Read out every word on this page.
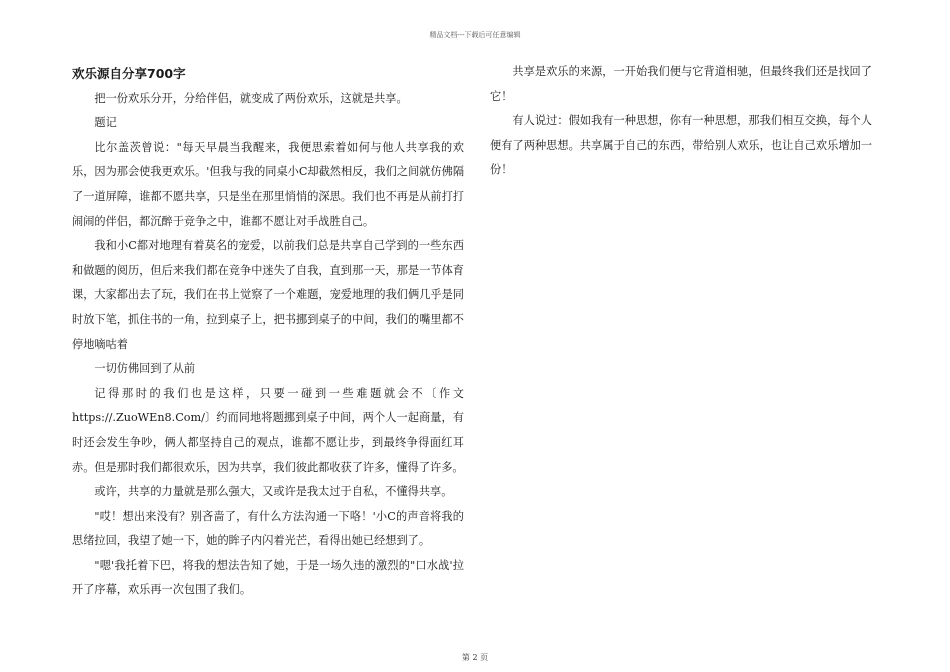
精品文档---下载后可任意编辑
欢乐源自分享700字

把一份欢乐分开，分给伴侣，就变成了两份欢乐，这就是共享。

题记

比尔盖茨曾说："每天早晨当我醒来，我便思索着如何与他人共享我的欢乐，因为那会使我更欢乐。'但我与我的同桌小C却截然相反，我们之间就仿佛隔了一道屏障，谁都不愿共享，只是坐在那里悄悄的深思。我们也不再是从前打打闹闹的伴侣，都沉醉于竞争之中，谁都不愿让对手战胜自己。

我和小C都对地理有着莫名的宠爱，以前我们总是共享自己学到的一些东西和做题的阅历，但后来我们都在竞争中迷失了自我，直到那一天，那是一节体育课，大家都出去了玩，我们在书上觉察了一个难题，宠爱地理的我们俩几乎是同时放下笔，抓住书的一角，拉到桌子上，把书挪到桌子的中间，我们的嘴里都不停地嘀咕着

一切仿佛回到了从前

记得那时的我们也是这样，只要一碰到一些难题就会不〔作文https://.ZuoWEn8.Com/〕约而同地将题挪到桌子中间，两个人一起商量，有时还会发生争吵，俩人都坚持自己的观点，谁都不愿让步，到最终争得面红耳赤。但是那时我们都很欢乐，因为共享，我们彼此都收获了许多，懂得了许多。

或许，共享的力量就是那么强大，又或许是我太过于自私，不懂得共享。

"哎！想出来没有？别吝啬了，有什么方法沟通一下咯！'小C的声音将我的思绪拉回，我望了她一下，她的眸子内闪着光芒，看得出她已经想到了。

"嗯'我托着下巴，将我的想法告知了她，于是一场久违的激烈的"口水战'拉开了序幕，欢乐再一次包围了我们。

共享是欢乐的来源，一开始我们便与它背道相驰，但最终我们还是找回了它！

有人说过：假如我有一种思想，你有一种思想，那我们相互交换，每个人便有了两种思想。共享属于自己的东西，带给别人欢乐，也让自己欢乐增加一份！

第 2 页
